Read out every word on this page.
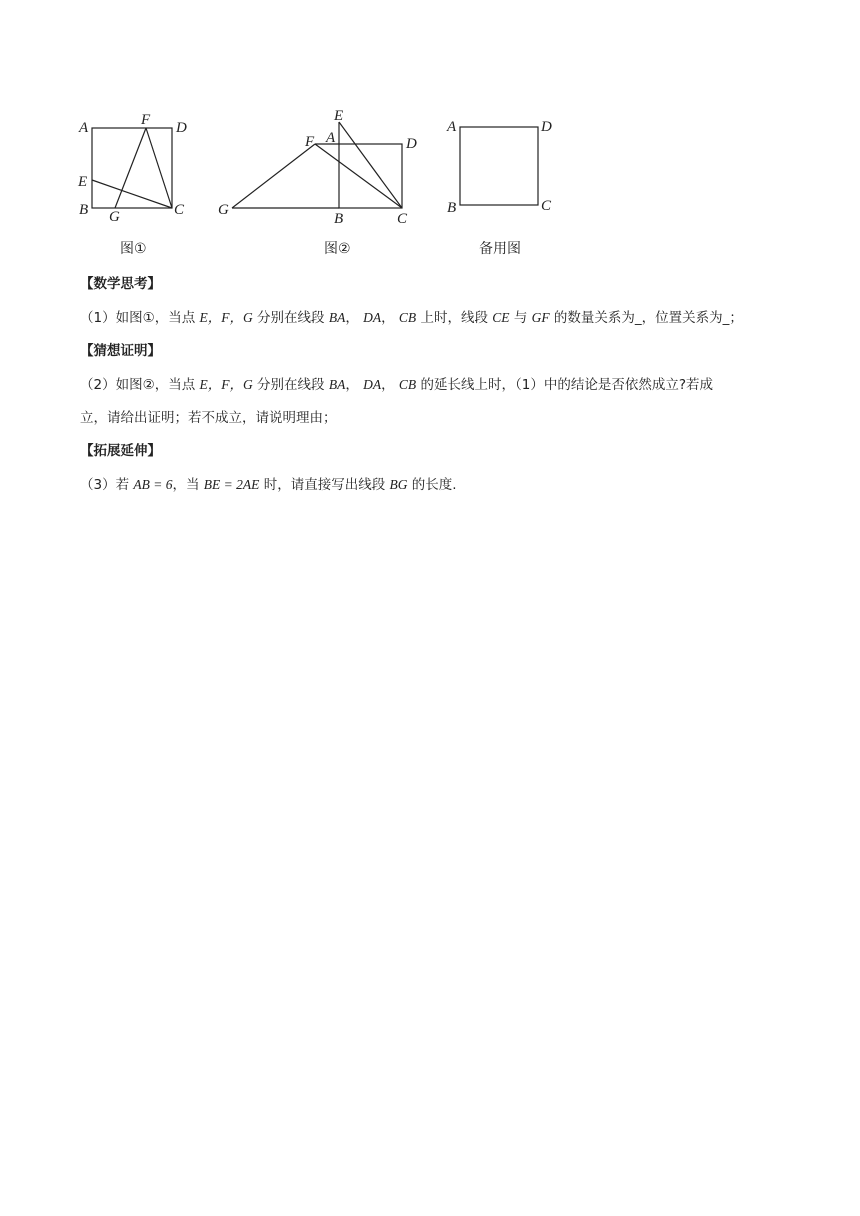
A	F D
E
B G	C
图①
E
F A	D
G
B	C
图②
A	D
B	C
备用图

【数学思考】

（1）如图①，当点 E，F，G 分别在线段 BA， DA， CB 上时，线段 CE 与 GF 的数量关系为_，位置关系为_；

【猜想证明】

（2）如图②，当点 E，F，G 分别在线段 BA， DA， CB 的延长线上时，（1）中的结论是否依然成立?若成

立，请给出证明；若不成立，请说明理由；

【拓展延伸】

（3）若 AB = 6，当 BE = 2AE 时，请直接写出线段 BG 的长度.
